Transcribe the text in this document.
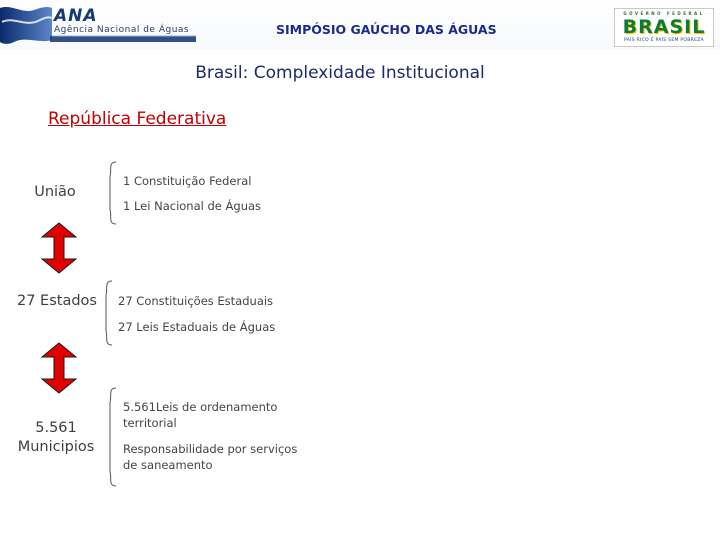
ANA
Agência Nacional de Águas	SIMPÓSIO GAÚCHO DAS ÁGUAS
GOVERNO FEDERAL
BRASIL
PAÍS RICO É PAÍS SEM POBREZA
Brasil: Complexidade Institucional
República Federativa
União
27 Estados
5.561 Municipios
1 Constituição Federal
1 Lei Nacional de Águas
27 Constituições Estaduais
27 Leis Estaduais de Águas
5.561Leis de ordenamento territorial
Responsabilidade por serviços de saneamento
